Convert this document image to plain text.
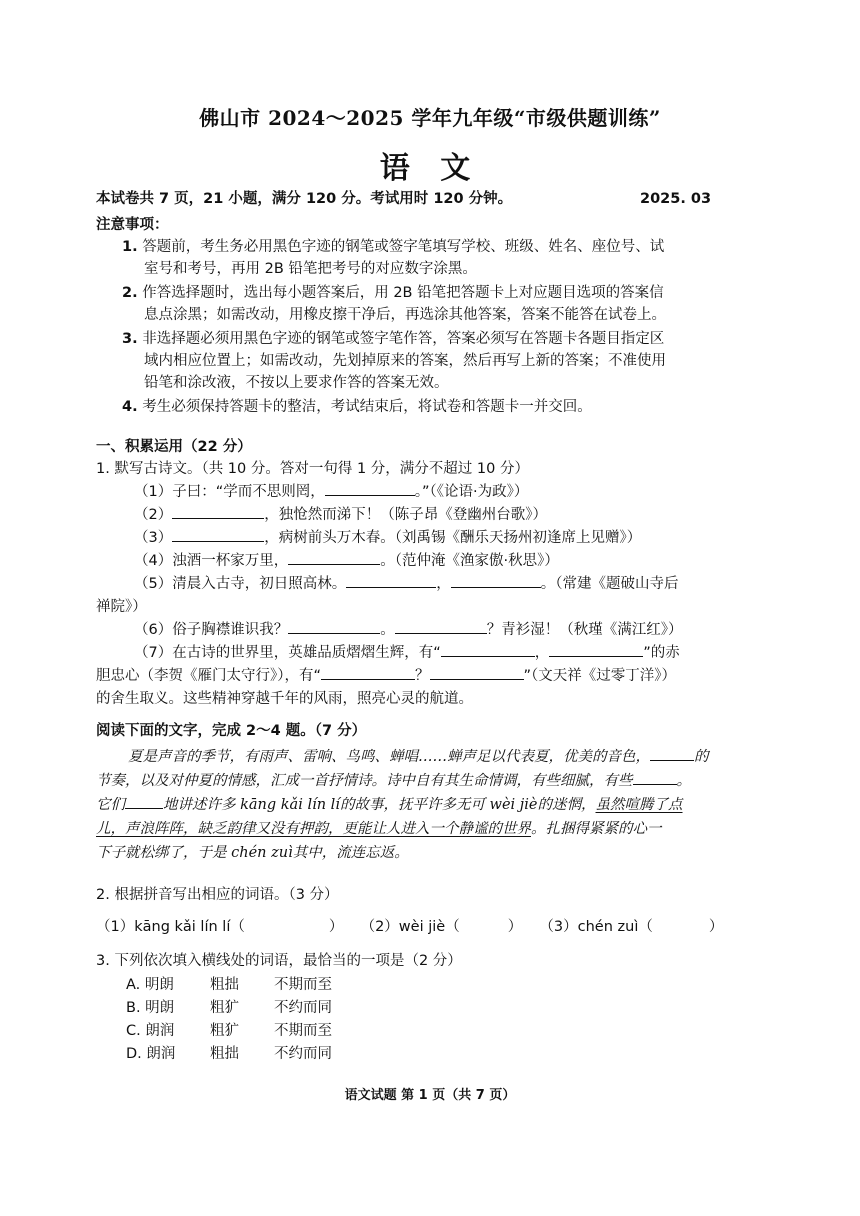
佛山市 2024～2025 学年九年级“市级供题训练”
语 文
本试卷共 7 页，21 小题，满分 120 分。考试用时 120 分钟。	2025. 03
注意事项：
1. 答题前，考生务必用黑色字迹的钢笔或签字笔填写学校、班级、姓名、座位号、试
室号和考号，再用 2B 铅笔把考号的对应数字涂黑。
2. 作答选择题时，选出每小题答案后，用 2B 铅笔把答题卡上对应题目选项的答案信
息点涂黑；如需改动，用橡皮擦干净后，再选涂其他答案，答案不能答在试卷上。
3. 非选择题必须用黑色字迹的钢笔或签字笔作答，答案必须写在答题卡各题目指定区
域内相应位置上；如需改动，先划掉原来的答案，然后再写上新的答案；不准使用
铅笔和涂改液，不按以上要求作答的答案无效。
4. 考生必须保持答题卡的整洁，考试结束后，将试卷和答题卡一并交回。
一、积累运用（22 分）
1. 默写古诗文。（共 10 分。答对一句得 1 分，满分不超过 10 分）
（1）子曰：“学而不思则罔，	。”（《论语·为政》）
（2）	，独怆然而涕下！（陈子昂《登幽州台歌》）
（3）	，病树前头万木春。（刘禹锡《酬乐天扬州初逢席上见赠》）
（4）浊酒一杯家万里，	。（范仲淹《渔家傲·秋思》）
（5）清晨入古寺，初日照高林。	，	。（常建《题破山寺后
禅院》）
（6）俗子胸襟谁识我？	。	？青衫湿！（秋瑾《满江红》）
（7）在古诗的世界里，英雄品质熠熠生辉，有“	，	”的赤
胆忠心（李贺《雁门太守行》），有“	？	”（文天祥《过零丁洋》）
的舍生取义。这些精神穿越千年的风雨，照亮心灵的航道。
阅读下面的文字，完成 2～4 题。（7 分）
夏是声音的季节，有雨声、雷响、鸟鸣、蝉唱……蝉声足以代表夏，优美的音色，	的
节奏，以及对仲夏的情感，汇成一首抒情诗。诗中自有其生命情调，有些细腻，有些	。
它们	地讲述许多 kāng kǎi lín lí的故事，抚平许多无可 wèi jiè的迷惘，虽然喧腾了点
儿，声浪阵阵，缺乏韵律又没有押韵，更能让人进入一个静谧的世界。扎捆得紧紧的心一
下子就松绑了，于是 chén zuì其中，流连忘返。
2. 根据拼音写出相应的词语。（3 分）
（1）kāng kǎi lín lí（	） （2）wèi jiè（	） （3）chén zuì（	）
3. 下列依次填入横线处的词语，最恰当的一项是（2 分）
A. 明朗 粗拙 不期而至
B. 明朗 粗犷 不约而同
C. 朗润 粗犷 不期而至
D. 朗润 粗拙 不约而同
语文试题 第 1 页（共 7 页）
